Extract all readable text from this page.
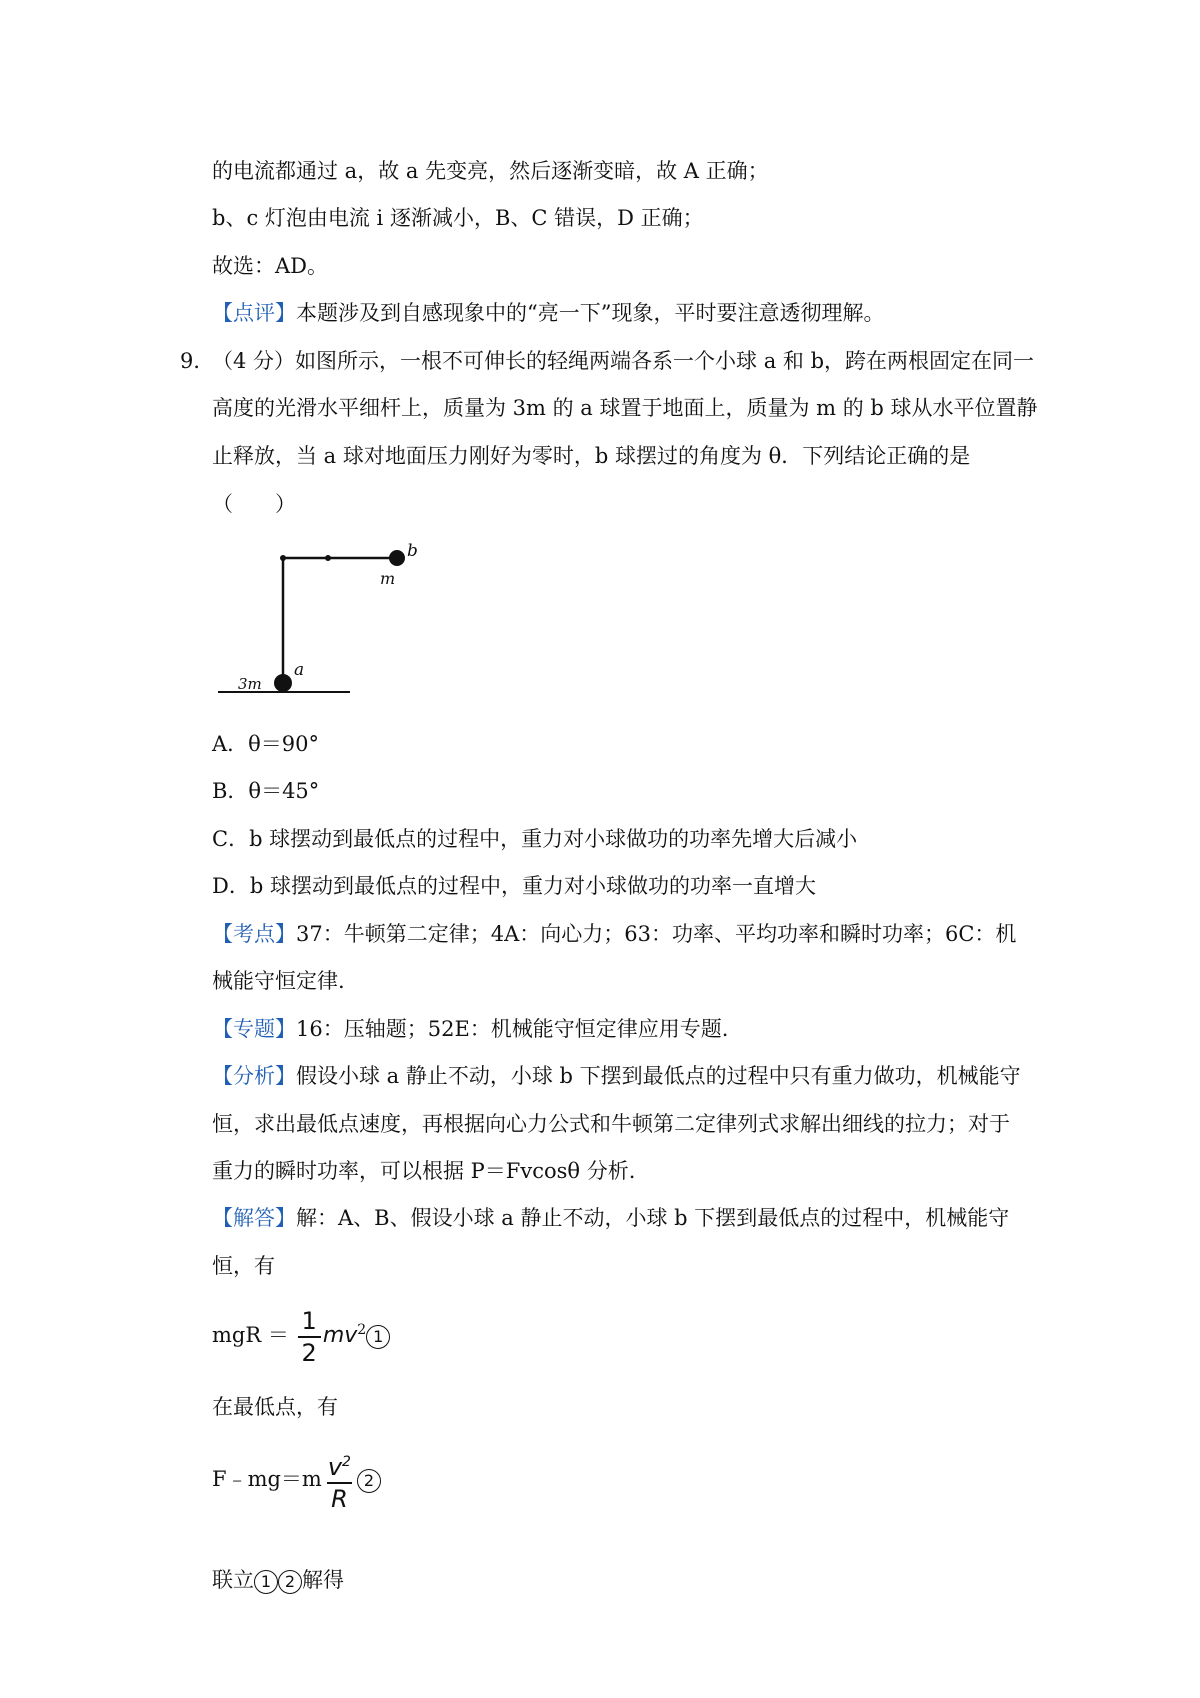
的电流都通过 a，故 a 先变亮，然后逐渐变暗，故 A 正确；
b、c 灯泡由电流 i 逐渐减小，B、C 错误，D 正确；
故选：AD。
【点评】本题涉及到自感现象中的“亮一下”现象，平时要注意透彻理解。
9．
（4 分）如图所示，一根不可伸长的轻绳两端各系一个小球 a 和 b，跨在两根固定在同一
高度的光滑水平细杆上，质量为 3m 的 a 球置于地面上，质量为 m 的 b 球从水平位置静
止释放，当 a 球对地面压力刚好为零时，b 球摆过的角度为 θ．下列结论正确的是
（　　）
b
m
a
3m
A．θ＝90°
B．θ＝45°
C．b 球摆动到最低点的过程中，重力对小球做功的功率先增大后减小
D．b 球摆动到最低点的过程中，重力对小球做功的功率一直增大
【考点】37：牛顿第二定律；4A：向心力；63：功率、平均功率和瞬时功率；6C：机
械能守恒定律.
【专题】16：压轴题；52E：机械能守恒定律应用专题.
【分析】假设小球 a 静止不动，小球 b 下摆到最低点的过程中只有重力做功，机械能守
恒，求出最低点速度，再根据向心力公式和牛顿第二定律列式求解出细线的拉力；对于
重力的瞬时功率，可以根据 P＝Fvcosθ 分析.
【解答】解：A、B、假设小球 a 静止不动，小球 b 下摆到最低点的过程中，机械能守
恒，有
mgR ＝ $\frac{1}{2} mv^2$ 1
在最低点，有
F﹣mg＝m $\frac{v^2}{R} 2$
联立 1 2 解得
